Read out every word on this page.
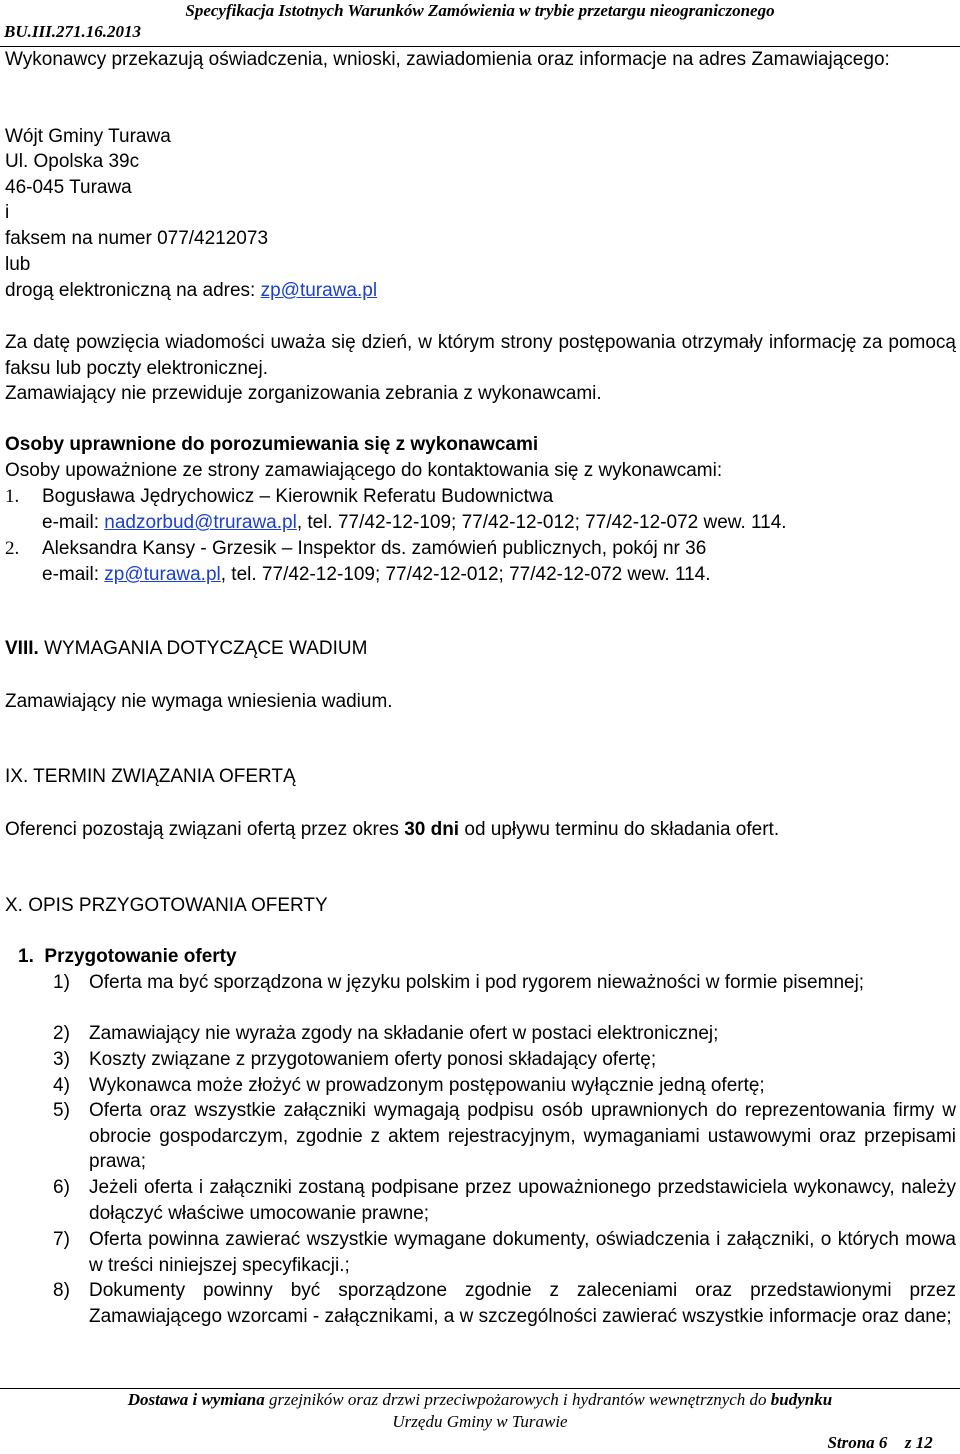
Specyfikacja Istotnych Warunków Zamówienia w trybie przetargu nieograniczonego
BU.III.271.16.2013

Wykonawcy przekazują oświadczenia, wnioski, zawiadomienia oraz informacje na adres Zamawiającego:

Wójt Gminy Turawa
Ul. Opolska 39c
46-045 Turawa
i
faksem na numer 077/4212073
lub
drogą elektroniczną na adres: zp@turawa.pl

Za datę powzięcia wiadomości uważa się dzień, w którym strony postępowania otrzymały informację za pomocą faksu lub poczty elektronicznej.

Zamawiający nie przewiduje zorganizowania zebrania z wykonawcami.
Osoby uprawnione do porozumiewania się z wykonawcami
Osoby upoważnione ze strony zamawiającego do kontaktowania się z wykonawcami:
1.	Bogusława Jędrychowicz – Kierownik Referatu Budownictwa
e-mail: nadzorbud@trurawa.pl, tel. 77/42-12-109; 77/42-12-012; 77/42-12-072 wew. 114.
2.	Aleksandra Kansy - Grzesik – Inspektor ds. zamówień publicznych, pokój nr 36
e-mail: zp@turawa.pl, tel. 77/42-12-109; 77/42-12-012; 77/42-12-072 wew. 114.
VIII. WYMAGANIA DOTYCZĄCE WADIUM
Zamawiający nie wymaga wniesienia wadium.
IX. TERMIN ZWIĄZANIA OFERTĄ
Oferenci pozostają związani ofertą przez okres 30 dni od upływu terminu do składania ofert.
X. OPIS PRZYGOTOWANIA OFERTY
1. Przygotowanie oferty
1) Oferta ma być sporządzona w języku polskim i pod rygorem nieważności w formie pisemnej;
2) Zamawiający nie wyraża zgody na składanie ofert w postaci elektronicznej;
3) Koszty związane z przygotowaniem oferty ponosi składający ofertę;
4) Wykonawca może złożyć w prowadzonym postępowaniu wyłącznie jedną ofertę;
5) Oferta oraz wszystkie załączniki wymagają podpisu osób uprawnionych do reprezentowania firmy w obrocie gospodarczym, zgodnie z aktem rejestracyjnym, wymaganiami ustawowymi oraz przepisami prawa;
6) Jeżeli oferta i załączniki zostaną podpisane przez upoważnionego przedstawiciela wykonawcy, należy dołączyć właściwe umocowanie prawne;
7) Oferta powinna zawierać wszystkie wymagane dokumenty, oświadczenia i załączniki, o których mowa w treści niniejszej specyfikacji.;
8) Dokumenty powinny być sporządzone zgodnie z zaleceniami oraz przedstawionymi przez Zamawiającego wzorcami - załącznikami, a w szczególności zawierać wszystkie informacje oraz dane;
Dostawa i wymiana grzejników oraz drzwi przeciwpożarowych i hydrantów wewnętrznych do budynku
Urzędu Gminy w Turawie
Strona 6 z 12
